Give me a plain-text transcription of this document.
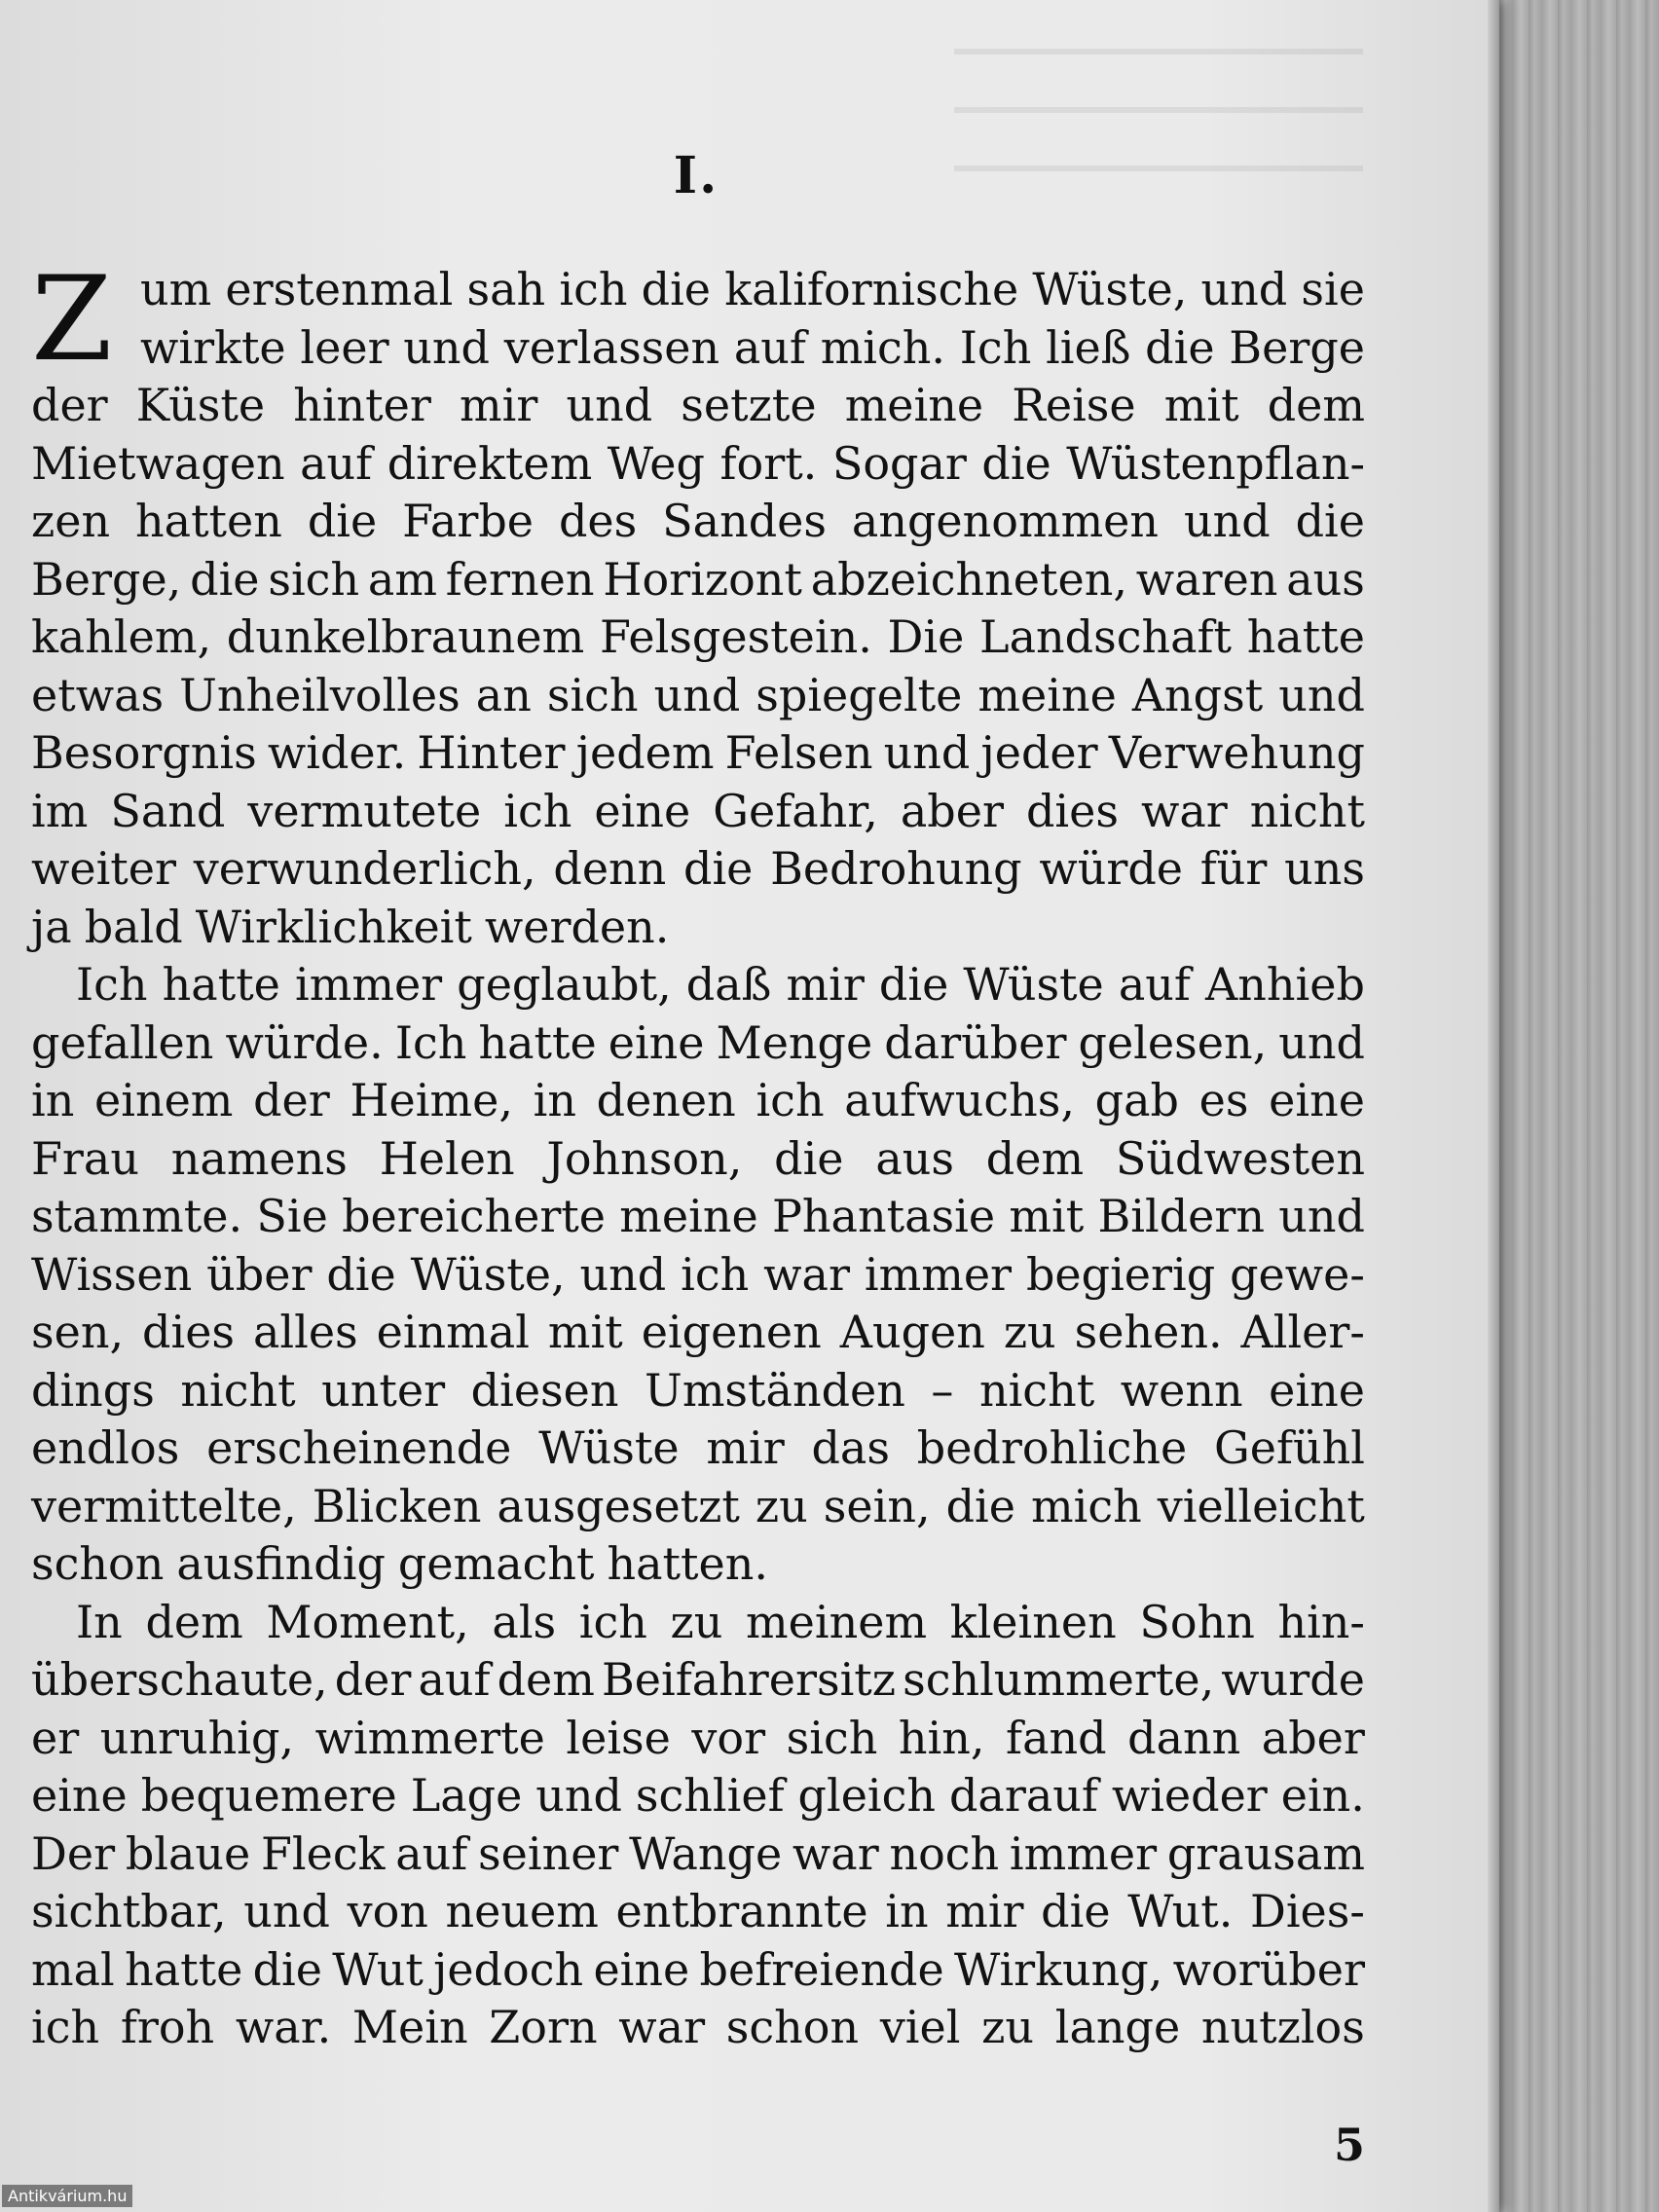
I.
um erstenmal sah ich die kalifornische Wüste, und sie
wirkte leer und verlassen auf mich. Ich ließ die Berge
der Küste hinter mir und setzte meine Reise mit dem
Mietwagen auf direktem Weg fort. Sogar die Wüstenpflan-
zen hatten die Farbe des Sandes angenommen und die
Berge, die sich am fernen Horizont abzeichneten, waren aus
kahlem, dunkelbraunem Felsgestein. Die Landschaft hatte
etwas Unheilvolles an sich und spiegelte meine Angst und
Besorgnis wider. Hinter jedem Felsen und jeder Verwehung
im Sand vermutete ich eine Gefahr, aber dies war nicht
weiter verwunderlich, denn die Bedrohung würde für uns
ja bald Wirklichkeit werden.
Ich hatte immer geglaubt, daß mir die Wüste auf Anhieb
gefallen würde. Ich hatte eine Menge darüber gelesen, und
in einem der Heime, in denen ich aufwuchs, gab es eine
Frau namens Helen Johnson, die aus dem Südwesten
stammte. Sie bereicherte meine Phantasie mit Bildern und
Wissen über die Wüste, und ich war immer begierig gewe-
sen, dies alles einmal mit eigenen Augen zu sehen. Aller-
dings nicht unter diesen Umständen – nicht wenn eine
endlos erscheinende Wüste mir das bedrohliche Gefühl
vermittelte, Blicken ausgesetzt zu sein, die mich vielleicht
schon ausfindig gemacht hatten.
In dem Moment, als ich zu meinem kleinen Sohn hin-
überschaute, der auf dem Beifahrersitz schlummerte, wurde
er unruhig, wimmerte leise vor sich hin, fand dann aber
eine bequemere Lage und schlief gleich darauf wieder ein.
Der blaue Fleck auf seiner Wange war noch immer grausam
sichtbar, und von neuem entbrannte in mir die Wut. Dies-
mal hatte die Wut jedoch eine befreiende Wirkung, worüber
ich froh war. Mein Zorn war schon viel zu lange nutzlos
Z
5
Antikvárium.hu
